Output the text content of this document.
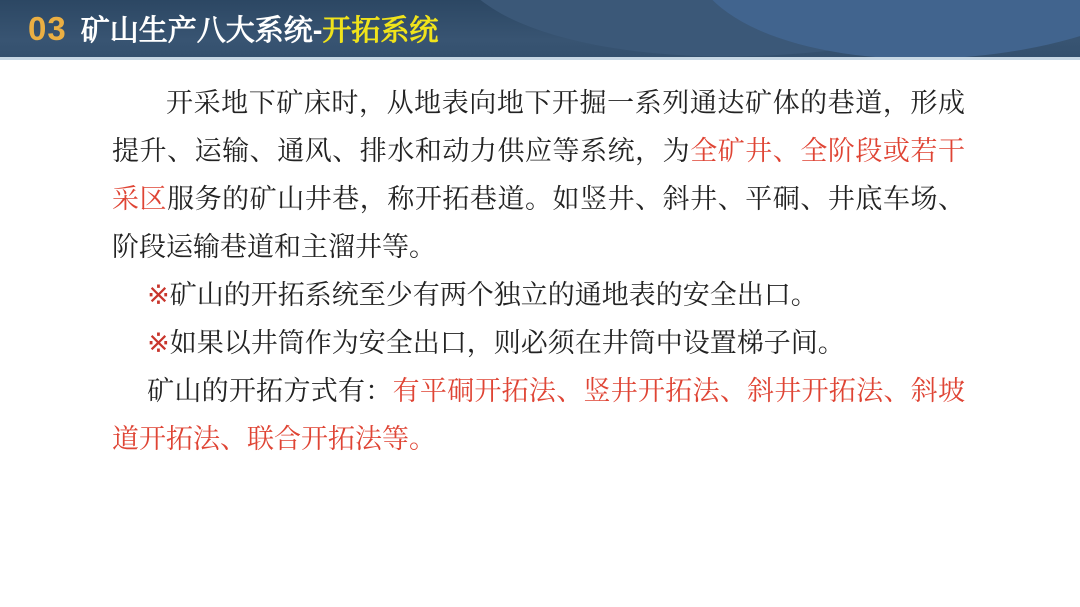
03 矿山生产八大系统- 开拓系统

开采地下矿床时，从地表向地下开掘一系列通达矿体的巷道，形成提升、运输、通风、排水和动力供应等系统，为全矿井、全阶段或若干采区服务的矿山井巷，称开拓巷道。如竖井、斜井、平硐、井底车场、阶段运输巷道和主溜井等。

※矿山的开拓系统至少有两个独立的通地表的安全出口。

※如果以井筒作为安全出口，则必须在井筒中设置梯子间。

矿山的开拓方式有：有平硐开拓法、竖井开拓法、斜井开拓法、斜坡道开拓法、联合开拓法等。
